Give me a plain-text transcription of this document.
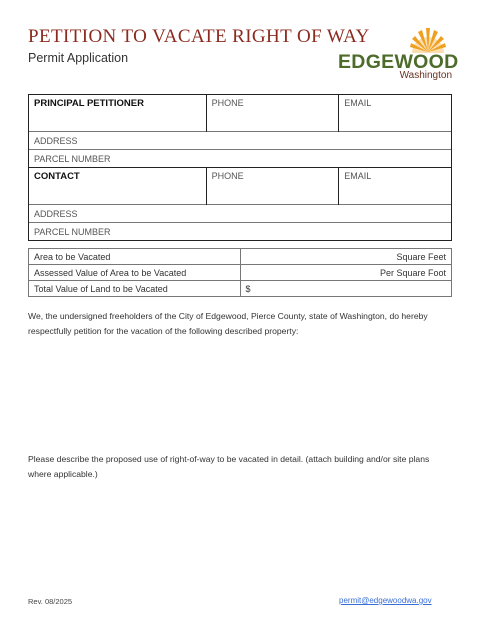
PETITION TO VACATE RIGHT OF WAY
Permit Application	EDGEWOOD
Washington
PRINCIPAL PETITIONER	PHONE	EMAIL
ADDRESS		
PARCEL NUMBER		
CONTACT	PHONE	EMAIL
ADDRESS		
PARCEL NUMBER		
Area to be Vacated	Square Feet
Assessed Value of Area to be Vacated	Per Square Foot
Total Value of Land to be Vacated	$
We, the undersigned freeholders of the City of Edgewood, Pierce County, state of Washington, do hereby respectfully petition for the vacation of the following described property:
Please describe the proposed use of right-of-way to be vacated in detail. (attach building and/or site plans where applicable.)
Rev. 08/2025	permit@edgewoodwa.gov
